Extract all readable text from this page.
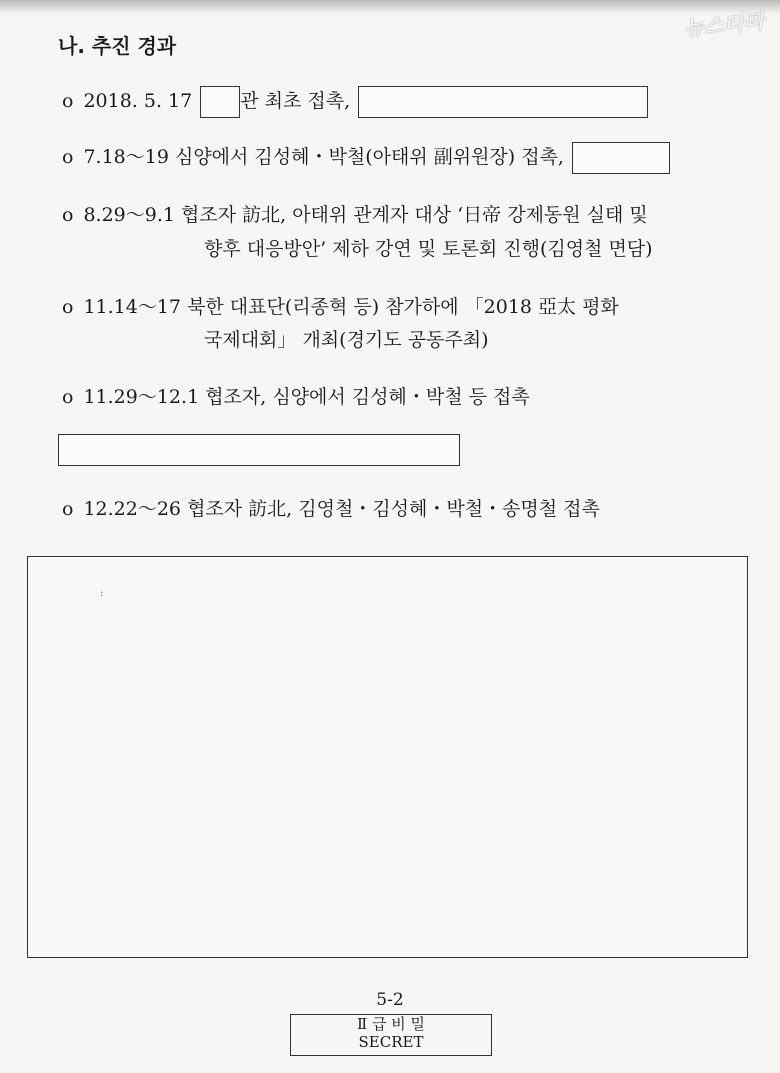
뉴스타파
나. 추진 경과
o 2018. 5. 17	관 최초 접촉,
o 7.18～19 심양에서 김성혜・박철(아태위 副위원장) 접촉,
o 8.29～9.1 협조자 訪北, 아태위 관계자 대상 ‘日帝 강제동원 실태 및
향후 대응방안’ 제하 강연 및 토론회 진행(김영철 면담)
o 11.14～17 북한 대표단(리종혁 등) 참가하에 「2018 亞太 평화
국제대회」 개최(경기도 공동주최)
o 11.29～12.1 협조자, 심양에서 김성혜・박철 등 접촉
o 12.22～26 협조자 訪北, 김영철・김성혜・박철・송명철 접촉
:
5-2
Ⅱ 급 비 밀
SECRET
